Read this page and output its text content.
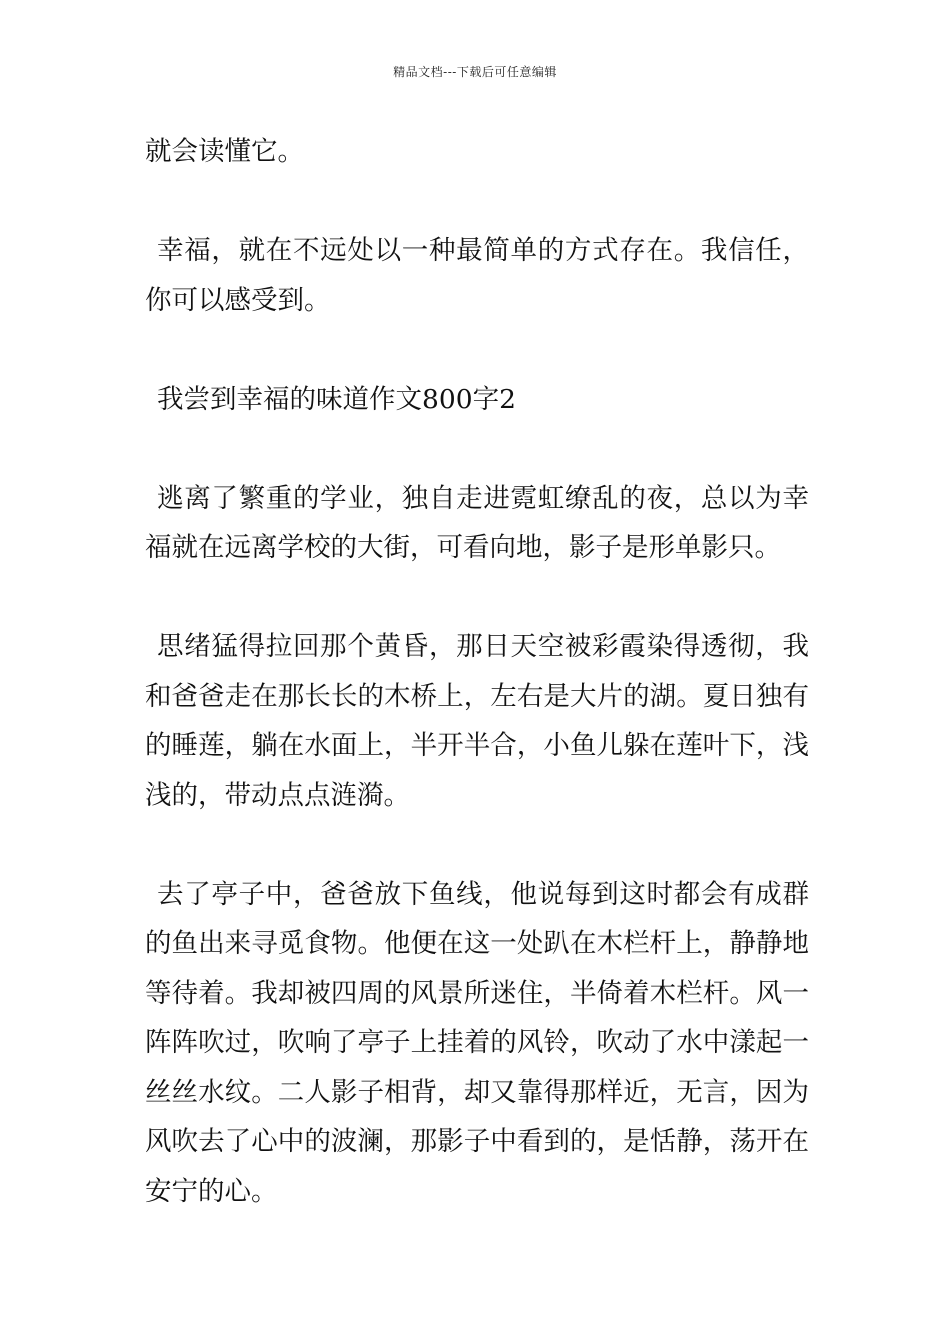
精品文档---下载后可任意编辑

就会读懂它。

幸福，就在不远处以一种最简单的方式存在。我信任，你可以感受到。

我尝到幸福的味道作文800字2

逃离了繁重的学业，独自走进霓虹缭乱的夜，总以为幸福就在远离学校的大街，可看向地，影子是形单影只。

思绪猛得拉回那个黄昏，那日天空被彩霞染得透彻，我和爸爸走在那长长的木桥上，左右是大片的湖。夏日独有的睡莲，躺在水面上，半开半合，小鱼儿躲在莲叶下，浅浅的，带动点点涟漪。

去了亭子中，爸爸放下鱼线，他说每到这时都会有成群的鱼出来寻觅食物。他便在这一处趴在木栏杆上，静静地等待着。我却被四周的风景所迷住，半倚着木栏杆。风一阵阵吹过，吹响了亭子上挂着的风铃，吹动了水中漾起一丝丝水纹。二人影子相背，却又靠得那样近，无言，因为风吹去了心中的波澜，那影子中看到的，是恬静，荡开在安宁的心。
